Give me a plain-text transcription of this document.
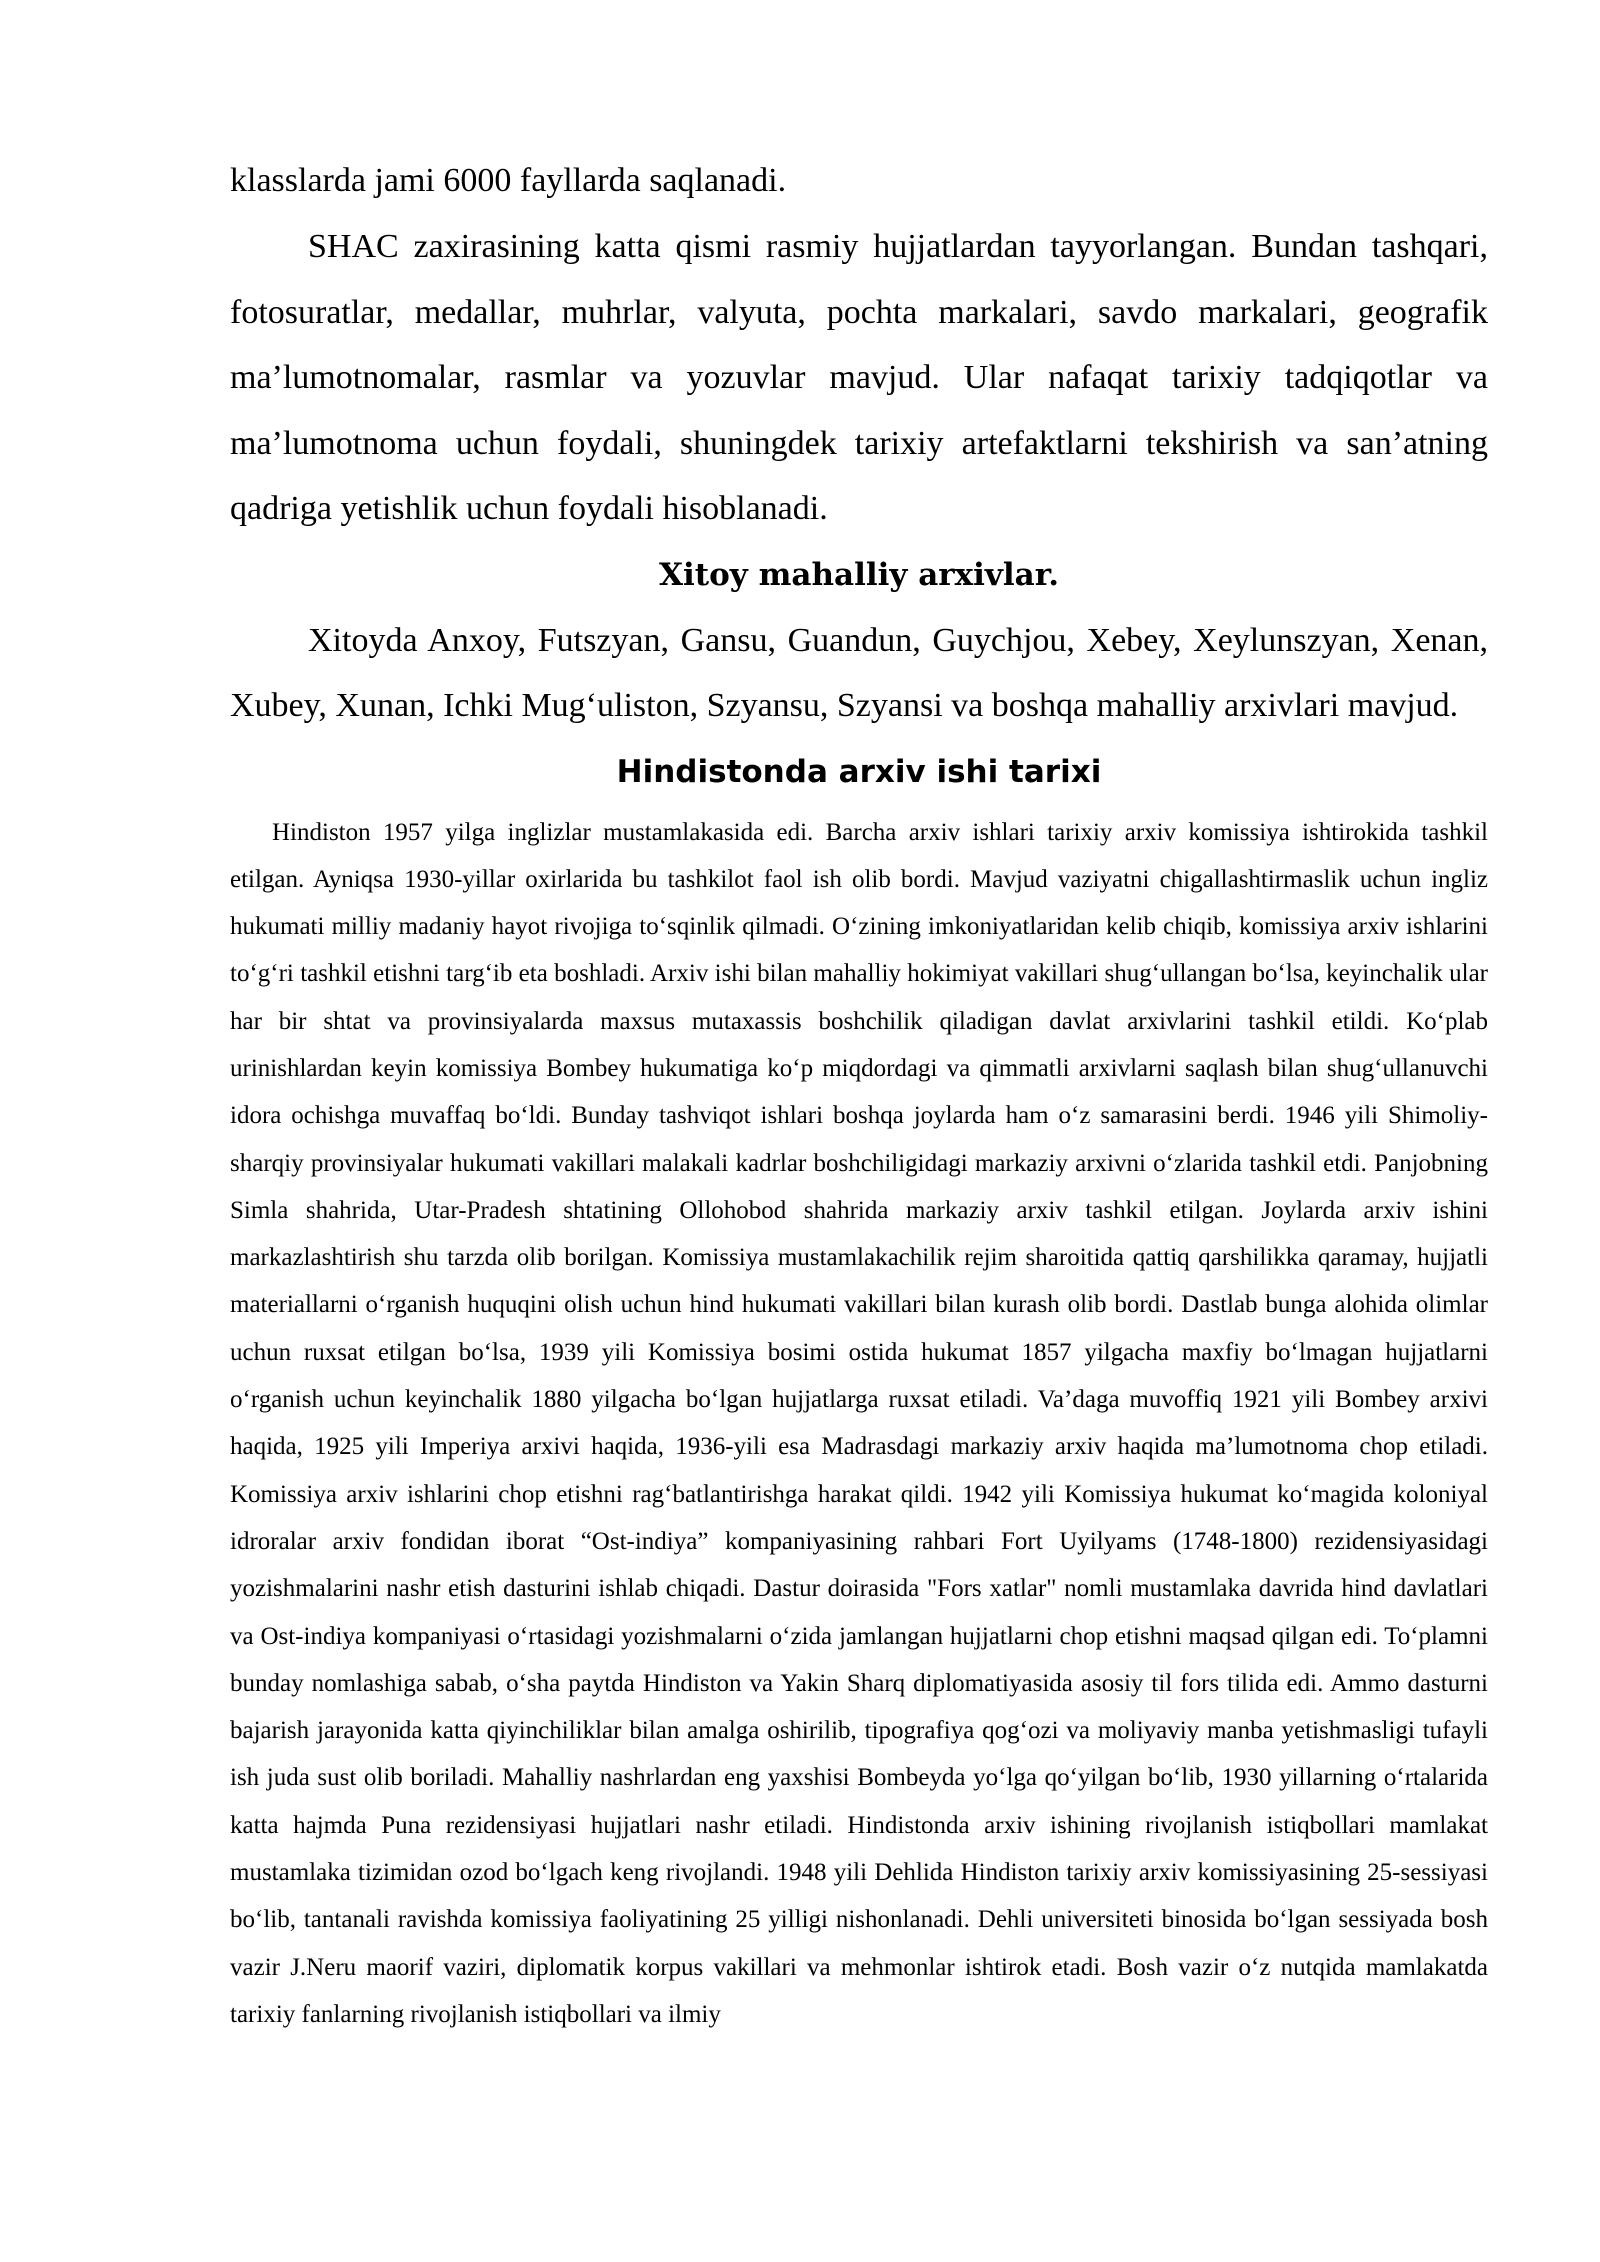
klasslarda jami 6000 fayllarda saqlanadi.

SHAC zaxirasining katta qismi rasmiy hujjatlardan tayyorlangan. Bundan tashqari, fotosuratlar, medallar, muhrlar, valyuta, pochta markalari, savdo markalari, geografik ma’lumotnomalar, rasmlar va yozuvlar mavjud. Ular nafaqat tarixiy tadqiqotlar va ma’lumotnoma uchun foydali, shuningdek tarixiy artefaktlarni tekshirish va san’atning qadriga yetishlik uchun foydali hisoblanadi.

Xitoy mahalliy arxivlar.

Xitoyda Anxoy, Futszyan, Gansu, Guandun, Guychjou, Xebey, Xeylunszyan, Xenan, Xubey, Xunan, Ichki Mug‘uliston, Szyansu, Szyansi va boshqa mahalliy arxivlari mavjud.

Hindistonda arxiv ishi tarixi

Hindiston 1957 yilga inglizlar mustamlakasida edi. Barcha arxiv ishlari tarixiy arxiv komissiya ishtirokida tashkil etilgan. Ayniqsa 1930-yillar oxirlarida bu tashkilot faol ish olib bordi. Mavjud vaziyatni chigallashtirmaslik uchun ingliz hukumati milliy madaniy hayot rivojiga to‘sqinlik qilmadi. O‘zining imkoniyatlaridan kelib chiqib, komissiya arxiv ishlarini to‘g‘ri tashkil etishni targ‘ib eta boshladi. Arxiv ishi bilan mahalliy hokimiyat vakillari shug‘ullangan bo‘lsa, keyinchalik ular har bir shtat va provinsiyalarda maxsus mutaxassis boshchilik qiladigan davlat arxivlarini tashkil etildi. Ko‘plab urinishlardan keyin komissiya Bombey hukumatiga ko‘p miqdordagi va qimmatli arxivlarni saqlash bilan shug‘ullanuvchi idora ochishga muvaffaq bo‘ldi. Bunday tashviqot ishlari boshqa joylarda ham o‘z samarasini berdi. 1946 yili Shimoliy-sharqiy provinsiyalar hukumati vakillari malakali kadrlar boshchiligidagi markaziy arxivni o‘zlarida tashkil etdi. Panjobning Simla shahrida, Utar-Pradesh shtatining Ollohobod shahrida markaziy arxiv tashkil etilgan. Joylarda arxiv ishini markazlashtirish shu tarzda olib borilgan. Komissiya mustamlakachilik rejim sharoitida qattiq qarshilikka qaramay, hujjatli materiallarni o‘rganish huquqini olish uchun hind hukumati vakillari bilan kurash olib bordi. Dastlab bunga alohida olimlar uchun ruxsat etilgan bo‘lsa, 1939 yili Komissiya bosimi ostida hukumat 1857 yilgacha maxfiy bo‘lmagan hujjatlarni o‘rganish uchun keyinchalik 1880 yilgacha bo‘lgan hujjatlarga ruxsat etiladi. Va’daga muvoffiq 1921 yili Bombey arxivi haqida, 1925 yili Imperiya arxivi haqida, 1936-yili esa Madrasdagi markaziy arxiv haqida ma’lumotnoma chop etiladi. Komissiya arxiv ishlarini chop etishni rag‘batlantirishga harakat qildi. 1942 yili Komissiya hukumat ko‘magida koloniyal idroralar arxiv fondidan iborat “Ost-indiya” kompaniyasining rahbari Fort Uyilyams (1748-1800) rezidensiyasidagi yozishmalarini nashr etish dasturini ishlab chiqadi. Dastur doirasida "Fors xatlar" nomli mustamlaka davrida hind davlatlari va Ost-indiya kompaniyasi o‘rtasidagi yozishmalarni o‘zida jamlangan hujjatlarni chop etishni maqsad qilgan edi. To‘plamni bunday nomlashiga sabab, o‘sha paytda Hindiston va Yakin Sharq diplomatiyasida asosiy til fors tilida edi. Ammo dasturni bajarish jarayonida katta qiyinchiliklar bilan amalga oshirilib, tipografiya qog‘ozi va moliyaviy manba yetishmasligi tufayli ish juda sust olib boriladi. Mahalliy nashrlardan eng yaxshisi Bombeyda yo‘lga qo‘yilgan bo‘lib, 1930 yillarning o‘rtalarida katta hajmda Puna rezidensiyasi hujjatlari nashr etiladi. Hindistonda arxiv ishining rivojlanish istiqbollari mamlakat mustamlaka tizimidan ozod bo‘lgach keng rivojlandi. 1948 yili Dehlida Hindiston tarixiy arxiv komissiyasining 25-sessiyasi bo‘lib, tantanali ravishda komissiya faoliyatining 25 yilligi nishonlanadi. Dehli universiteti binosida bo‘lgan sessiyada bosh vazir J.Neru maorif vaziri, diplomatik korpus vakillari va mehmonlar ishtirok etadi. Bosh vazir o‘z nutqida mamlakatda tarixiy fanlarning rivojlanish istiqbollari va ilmiy
